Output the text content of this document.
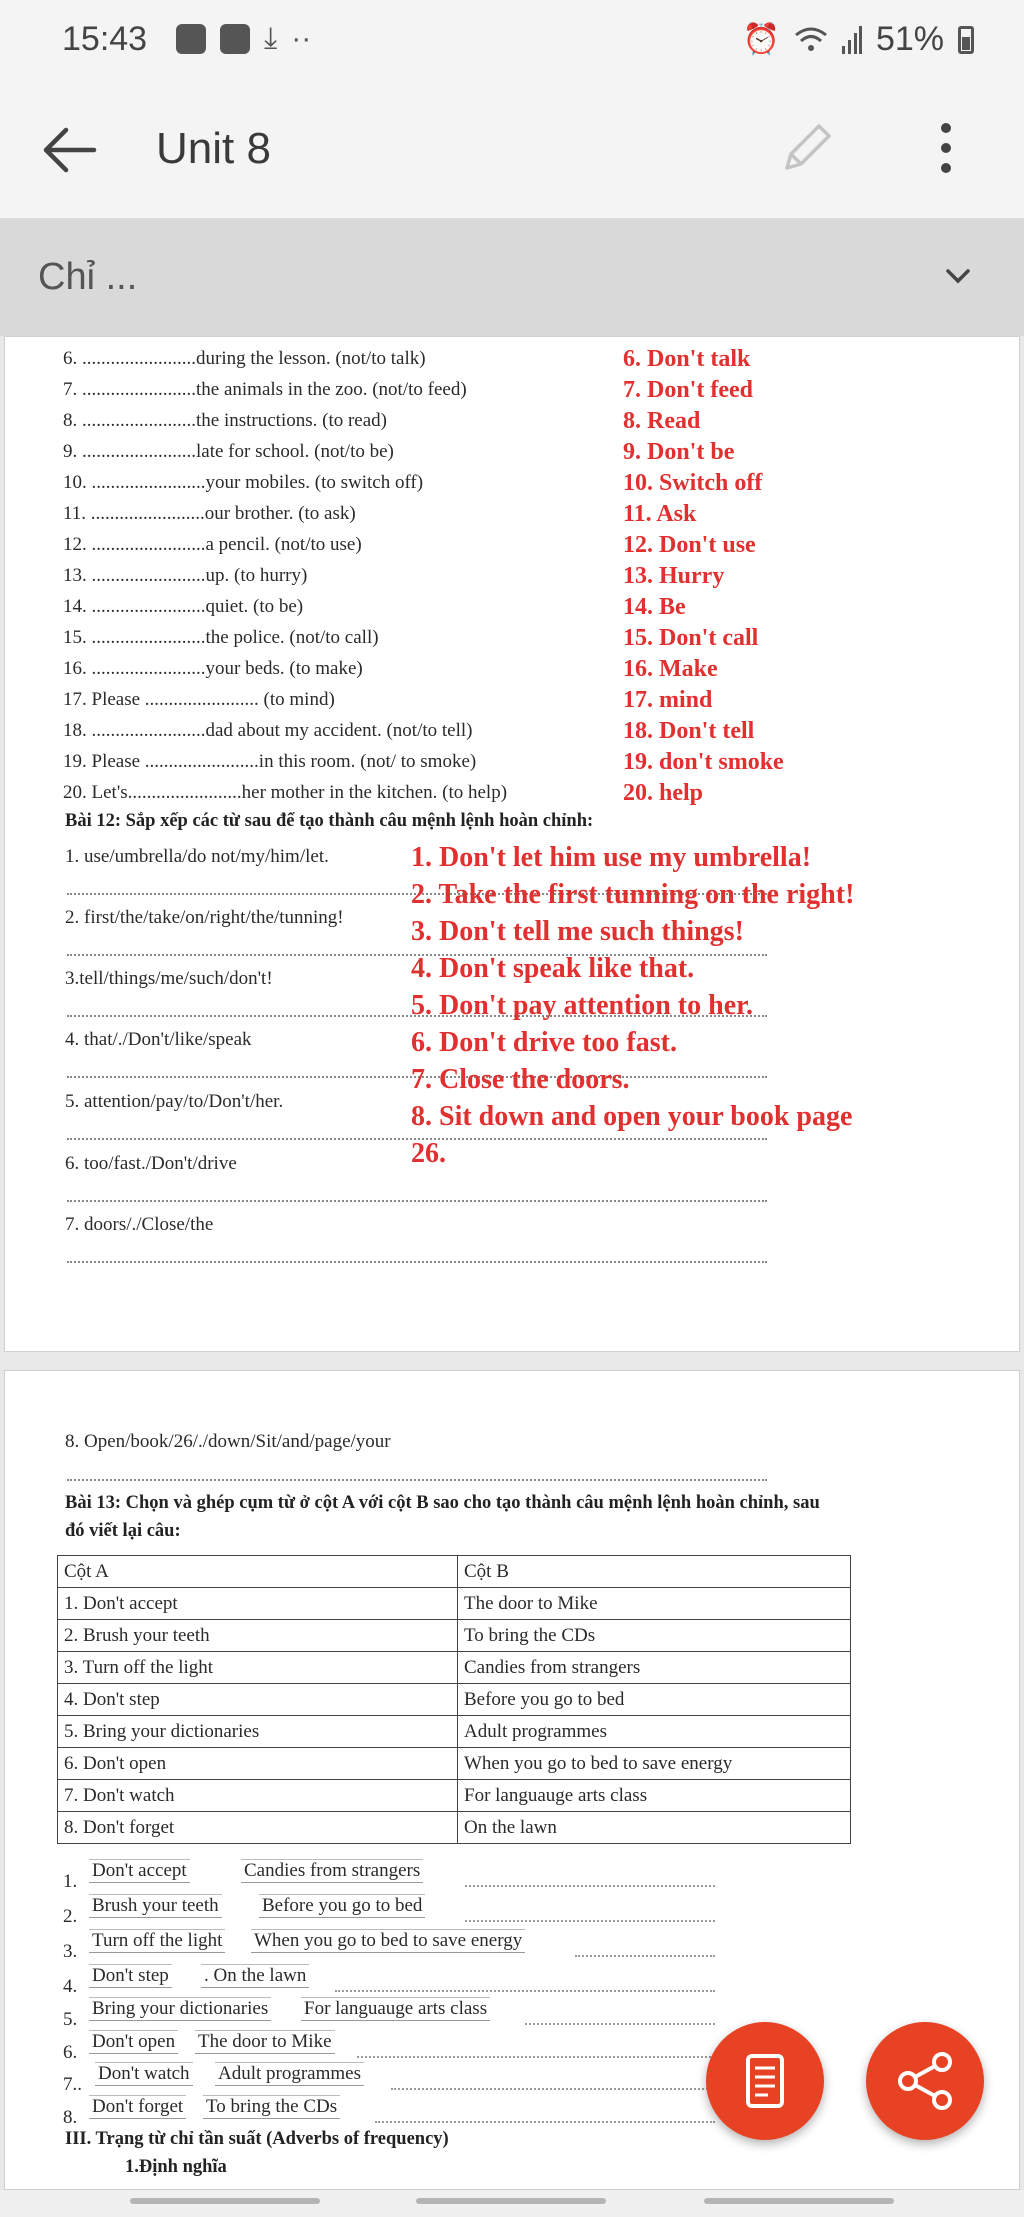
15:43	⤓ ··	⏰	51%
Unit 8
Chỉ ...
6. ........................during the lesson. (not/to talk)
7. ........................the animals in the zoo. (not/to feed)
8. ........................the instructions. (to read)
9. ........................late for school. (not/to be)
10. ........................your mobiles. (to switch off)
11. ........................our brother. (to ask)
12. ........................a pencil. (not/to use)
13. ........................up. (to hurry)
14. ........................quiet. (to be)
15. ........................the police. (not/to call)
16. ........................your beds. (to make)
17. Please ........................ (to mind)
18. ........................dad about my accident. (not/to tell)
19. Please ........................in this room. (not/ to smoke)
20. Let's........................her mother in the kitchen. (to help)
6. Don't talk
7. Don't feed
8. Read
9. Don't be
10. Switch off
11. Ask
12. Don't use
13. Hurry
14. Be
15. Don't call
16. Make
17. mind
18. Don't tell
19. don't smoke
20. help
Bài 12: Sắp xếp các từ sau để tạo thành câu mệnh lệnh hoàn chỉnh:
1. use/umbrella/do not/my/him/let.
2. first/the/take/on/right/the/tunning!
3.tell/things/me/such/don't!
4. that/./Don't/like/speak
5. attention/pay/to/Don't/her.
6. too/fast./Don't/drive
7. doors/./Close/the
1. Don't let him use my umbrella!
2. Take the first tunning on the right!
3. Don't tell me such things!
4. Don't speak like that.
5. Don't pay attention to her.
6. Don't drive too fast.
7. Close the doors.
8. Sit down and open your book page
26.
8. Open/book/26/./down/Sit/and/page/your
Bài 13: Chọn và ghép cụm từ ở cột A với cột B sao cho tạo thành câu mệnh lệnh hoàn chỉnh, sau
đó viết lại câu:
Cột A	Cột B
1. Don't accept	The door to Mike
2. Brush your teeth	To bring the CDs
3. Turn off the light	Candies from strangers
4. Don't step	Before you go to bed
5. Bring your dictionaries	Adult programmes
6. Don't open	When you go to bed to save energy
7. Don't watch	For languauge arts class
8. Don't forget	On the lawn
1.
Don't accept	Candies from strangers
2.
Brush your teeth Before you go to bed
3.
Turn off the light When you go to bed to save energy
4.
Don't step . On the lawn
5.
Bring your dictionaries For languauge arts class
6.
Don't open The door to Mike
7..
Don't watch Adult programmes
8.
Don't forget To bring the CDs
III. Trạng từ chỉ tần suất (Adverbs of frequency)
1.Định nghĩa
